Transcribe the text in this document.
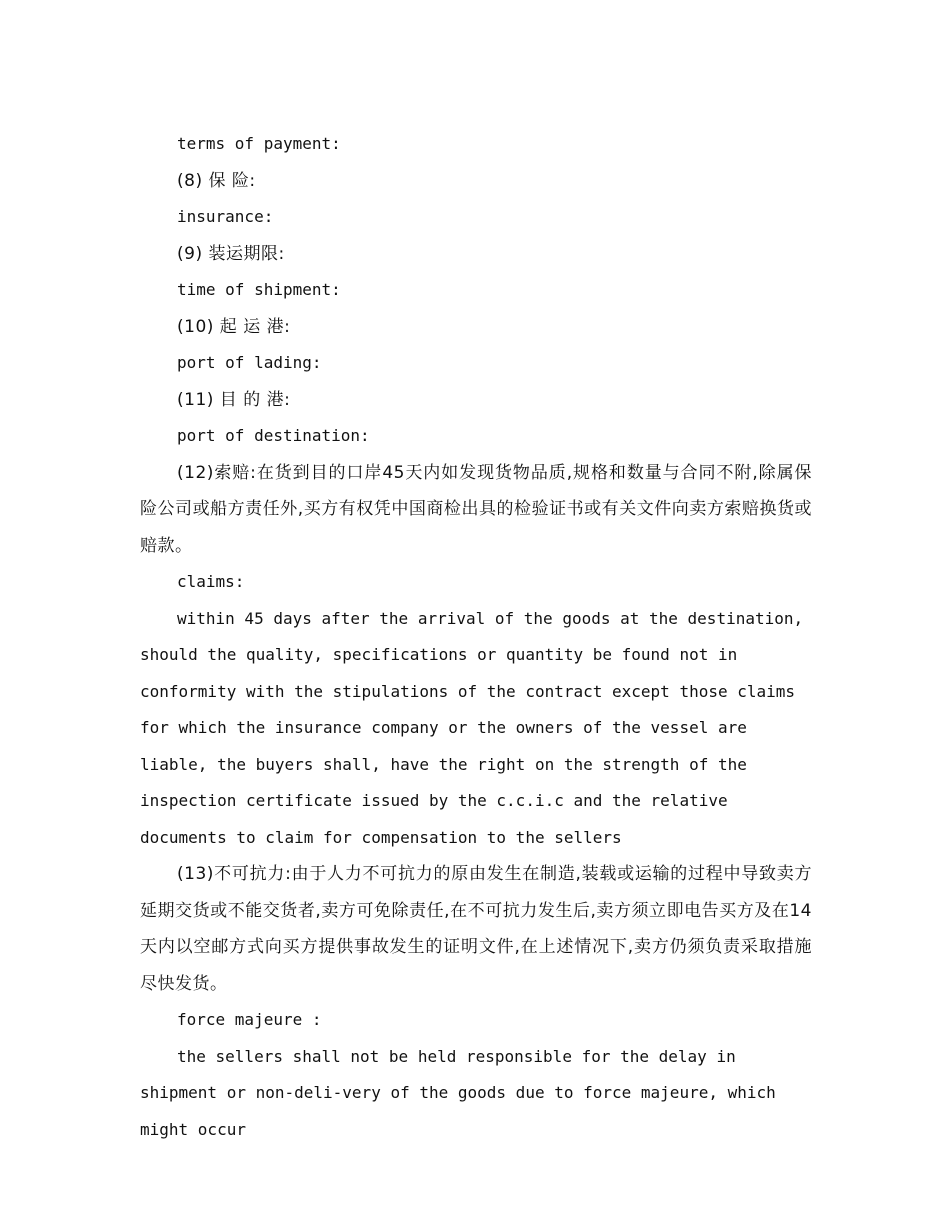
terms of payment:

(8) 保 险:

insurance:

(9) 装运期限:

time of shipment:

(10) 起 运 港:

port of lading:

(11) 目 的 港:

port of destination:

(12)索赔:在货到目的口岸45天内如发现货物品质,规格和数量与合同不附,除属保险公司或船方责任外,买方有权凭中国商检出具的检验证书或有关文件向卖方索赔换货或赔款。

claims:

within 45 days after the arrival of the goods at the destination, should the quality, specifications or quantity be found not in conformity with the stipulations of the contract except those claims for which the insurance company or the owners of the vessel are liable, the buyers shall, have the right on the strength of the inspection certificate issued by the c.c.i.c and the relative documents to claim for compensation to the sellers

(13)不可抗力:由于人力不可抗力的原由发生在制造,装载或运输的过程中导致卖方延期交货或不能交货者,卖方可免除责任,在不可抗力发生后,卖方须立即电告买方及在14天内以空邮方式向买方提供事故发生的证明文件,在上述情况下,卖方仍须负责采取措施尽快发货。

force majeure :

the sellers shall not be held responsible for the delay in shipment or non-deli-very of the goods due to force majeure, which might occur
